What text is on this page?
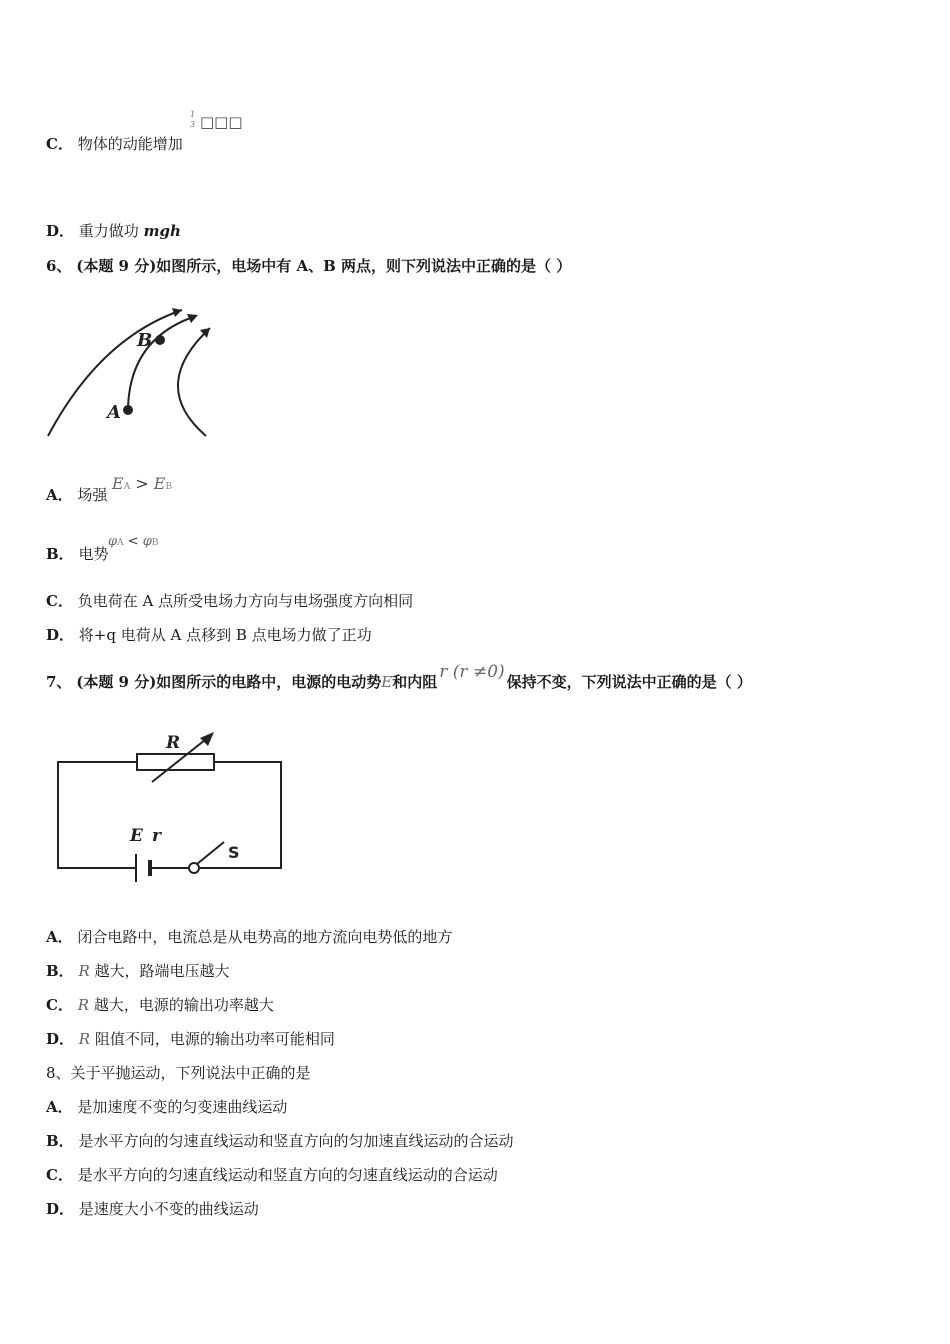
C． 物体的动能增加
1
3 □□□
D． 重力做功 mgh
6、 (本题 9 分)如图所示，电场中有 A、B 两点，则下列说法中正确的是（ ）
A
B
A． 场强
EA > EB
B． 电势
φA < φB
C． 负电荷在 A 点所受电场力方向与电场强度方向相同
D． 将+q 电荷从 A 点移到 B 点电场力做了正功
7、 (本题 9 分)如图所示的电路中，电源的电动势E和内阻 r (r ≠0) 保持不变，下列说法中正确的是（ ）
R
E r
S
A． 闭合电路中，电流总是从电势高的地方流向电势低的地方
B． R 越大，路端电压越大
C． R 越大，电源的输出功率越大
D． R 阻值不同，电源的输出功率可能相同
8、关于平抛运动，下列说法中正确的是
A． 是加速度不变的匀变速曲线运动
B． 是水平方向的匀速直线运动和竖直方向的匀加速直线运动的合运动
C． 是水平方向的匀速直线运动和竖直方向的匀速直线运动的合运动
D． 是速度大小不变的曲线运动
